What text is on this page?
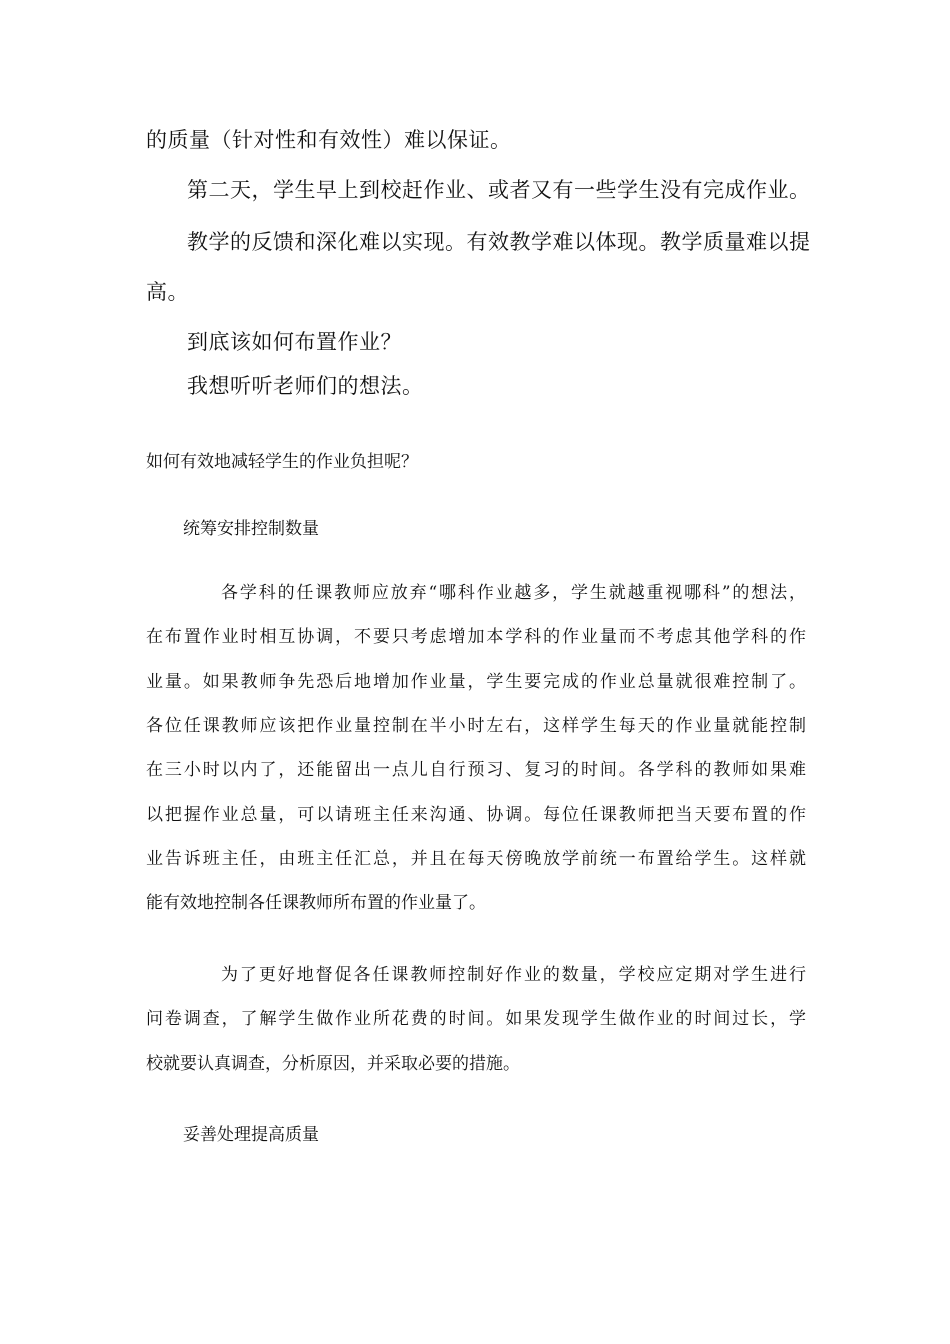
的质量（针对性和有效性）难以保证。
第二天，学生早上到校赶作业、或者又有一些学生没有完成作业。
教学的反馈和深化难以实现。有效教学难以体现。教学质量难以提
高。
到底该如何布置作业？
我想听听老师们的想法。
如何有效地减轻学生的作业负担呢？
统筹安排控制数量
各学科的任课教师应放弃“哪科作业越多，学生就越重视哪科”的想法，
在布置作业时相互协调，不要只考虑增加本学科的作业量而不考虑其他学科的作
业量。如果教师争先恐后地增加作业量，学生要完成的作业总量就很难控制了。
各位任课教师应该把作业量控制在半小时左右，这样学生每天的作业量就能控制
在三小时以内了，还能留出一点儿自行预习、复习的时间。各学科的教师如果难
以把握作业总量，可以请班主任来沟通、协调。每位任课教师把当天要布置的作
业告诉班主任，由班主任汇总，并且在每天傍晚放学前统一布置给学生。这样就
能有效地控制各任课教师所布置的作业量了。
为了更好地督促各任课教师控制好作业的数量，学校应定期对学生进行
问卷调查，了解学生做作业所花费的时间。如果发现学生做作业的时间过长，学
校就要认真调查，分析原因，并采取必要的措施。
妥善处理提高质量
